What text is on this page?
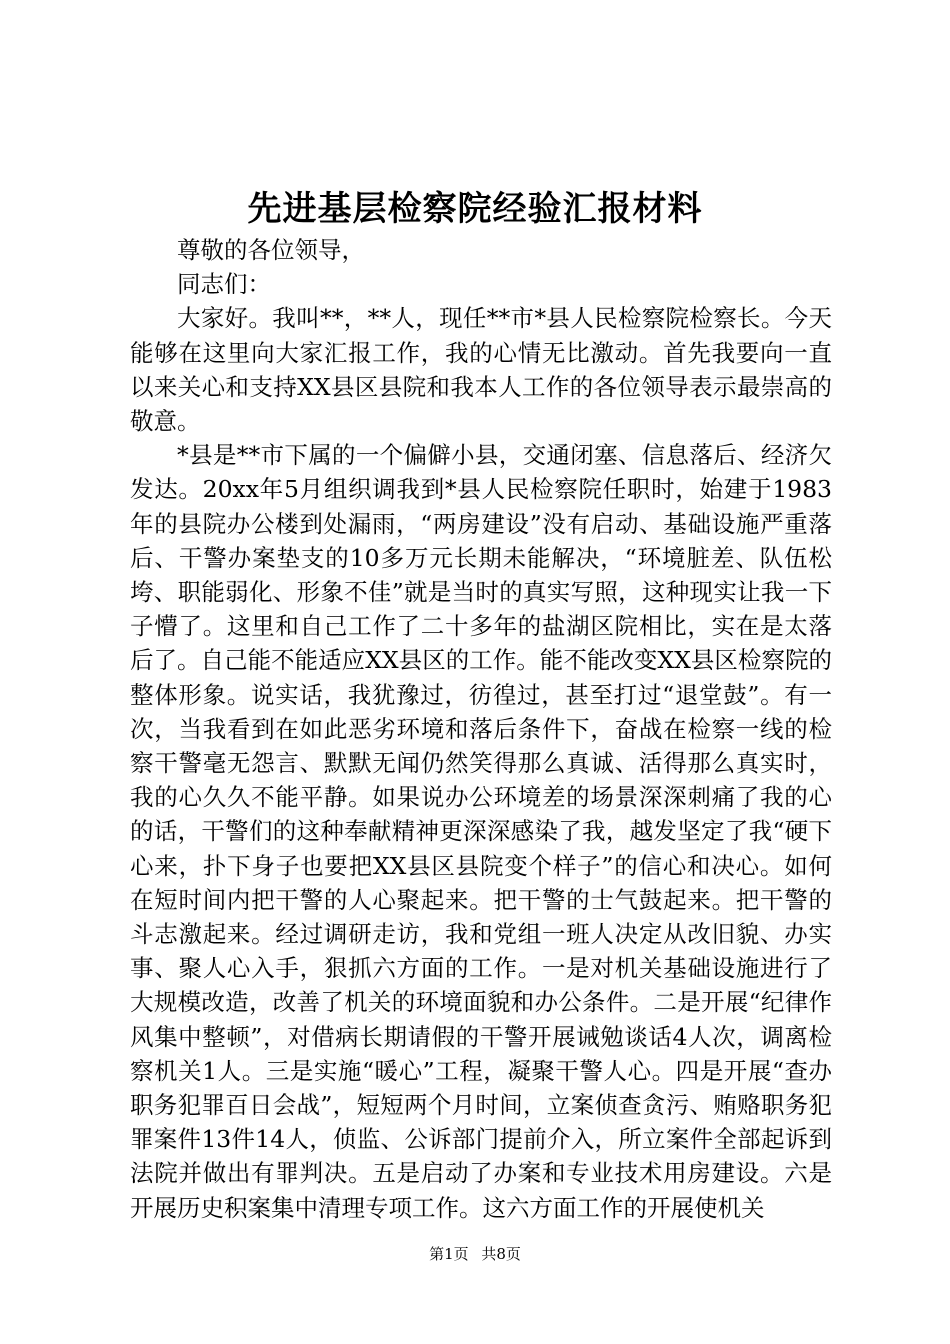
先进基层检察院经验汇报材料

尊敬的各位领导，

同志们：

大家好。我叫**，**人，现任**市*县人民检察院检察长。今天能够在这里向大家汇报工作，我的心情无比激动。首先我要向一直以来关心和支持XX县区县院和我本人工作的各位领导表示最崇高的敬意。

*县是**市下属的一个偏僻小县，交通闭塞、信息落后、经济欠发达。20xx年5月组织调我到*县人民检察院任职时，始建于1983年的县院办公楼到处漏雨，“两房建设”没有启动、基础设施严重落后、干警办案垫支的10多万元长期未能解决，“环境脏差、队伍松垮、职能弱化、形象不佳”就是当时的真实写照，这种现实让我一下子懵了。这里和自己工作了二十多年的盐湖区院相比，实在是太落后了。自己能不能适应XX县区的工作。能不能改变XX县区检察院的整体形象。说实话，我犹豫过，彷徨过，甚至打过“退堂鼓”。有一次，当我看到在如此恶劣环境和落后条件下，奋战在检察一线的检察干警毫无怨言、默默无闻仍然笑得那么真诚、活得那么真实时，我的心久久不能平静。如果说办公环境差的场景深深刺痛了我的心的话，干警们的这种奉献精神更深深感染了我，越发坚定了我“硬下心来，扑下身子也要把XX县区县院变个样子”的信心和决心。如何在短时间内把干警的人心聚起来。把干警的士气鼓起来。把干警的斗志激起来。经过调研走访，我和党组一班人决定从改旧貌、办实事、聚人心入手，狠抓六方面的工作。一是对机关基础设施进行了大规模改造，改善了机关的环境面貌和办公条件。二是开展“纪律作风集中整顿”，对借病长期请假的干警开展诫勉谈话4人次，调离检察机关1人。三是实施“暖心”工程，凝聚干警人心。四是开展“查办职务犯罪百日会战”，短短两个月时间，立案侦查贪污、贿赂职务犯罪案件13件14人，侦监、公诉部门提前介入，所立案件全部起诉到法院并做出有罪判决。五是启动了办案和专业技术用房建设。六是开展历史积案集中清理专项工作。这六方面工作的开展使机关

第1页 共8页
